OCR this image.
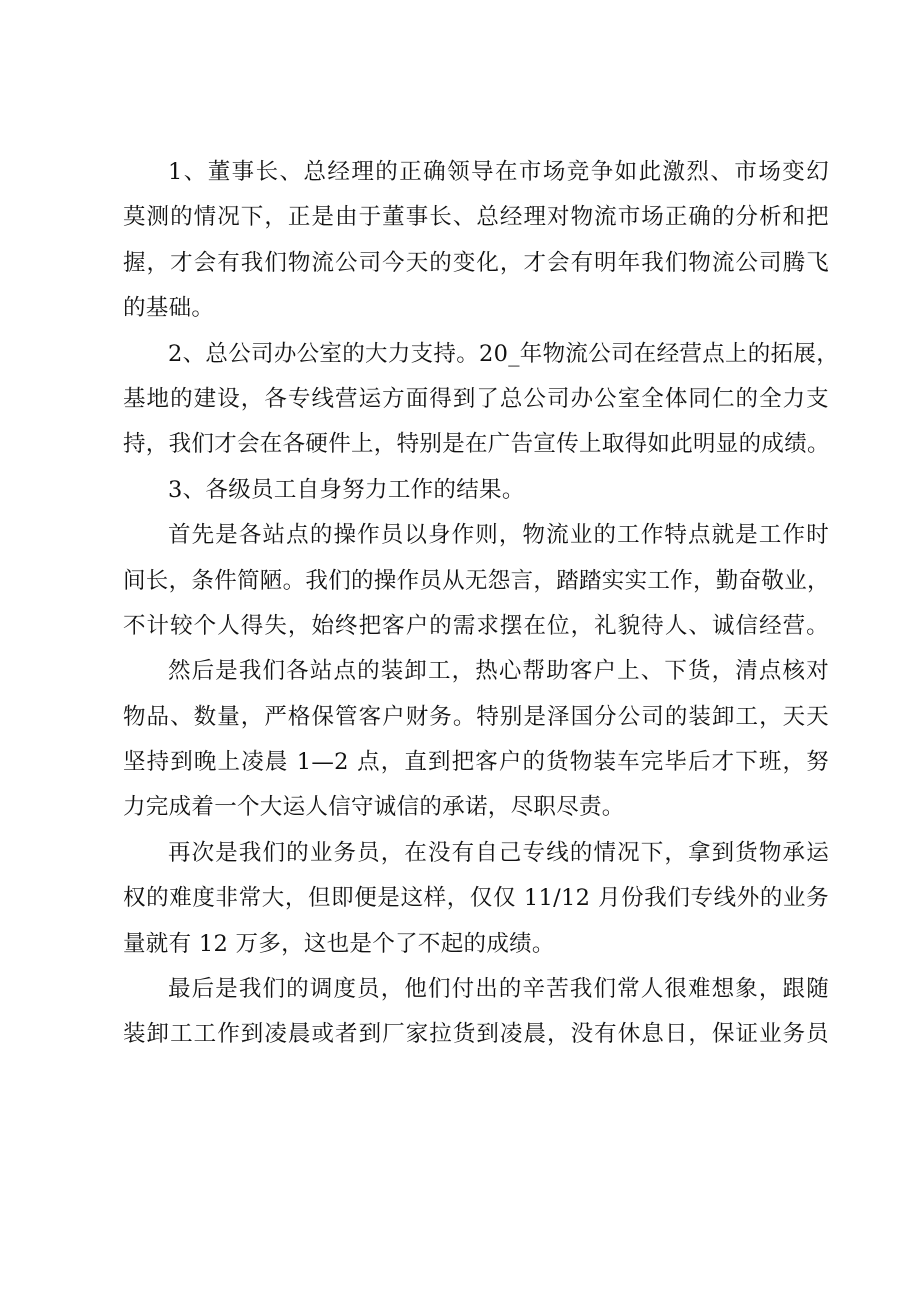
1、董事长、总经理的正确领导在市场竞争如此激烈、市场变幻
莫测的情况下，正是由于董事长、总经理对物流市场正确的分析和把
握，才会有我们物流公司今天的变化，才会有明年我们物流公司腾飞
的基础。
2、总公司办公室的大力支持。20_年物流公司在经营点上的拓展，
基地的建设，各专线营运方面得到了总公司办公室全体同仁的全力支
持，我们才会在各硬件上，特别是在广告宣传上取得如此明显的成绩。
3、各级员工自身努力工作的结果。
首先是各站点的操作员以身作则，物流业的工作特点就是工作时
间长，条件简陋。我们的操作员从无怨言，踏踏实实工作，勤奋敬业，
不计较个人得失，始终把客户的需求摆在位，礼貌待人、诚信经营。
然后是我们各站点的装卸工，热心帮助客户上、下货，清点核对
物品、数量，严格保管客户财务。特别是泽国分公司的装卸工，天天
坚持到晚上凌晨 1—2 点，直到把客户的货物装车完毕后才下班，努
力完成着一个大运人信守诚信的承诺，尽职尽责。
再次是我们的业务员，在没有自己专线的情况下，拿到货物承运
权的难度非常大，但即便是这样，仅仅 11/12 月份我们专线外的业务
量就有 12 万多，这也是个了不起的成绩。
最后是我们的调度员，他们付出的辛苦我们常人很难想象，跟随
装卸工工作到凌晨或者到厂家拉货到凌晨，没有休息日，保证业务员
